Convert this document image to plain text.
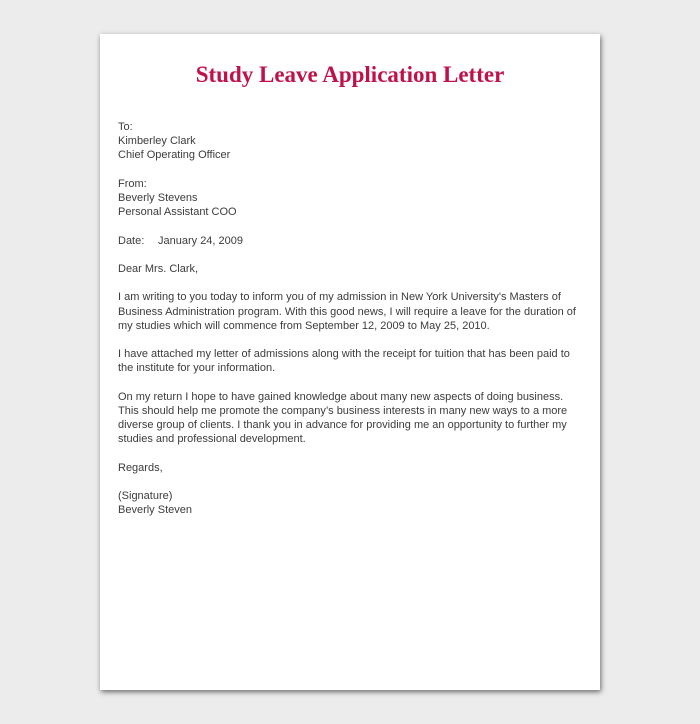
Study Leave Application Letter

To:
Kimberley Clark
Chief Operating Officer

From:
Beverly Stevens
Personal Assistant COO

Date: January 24, 2009

Dear Mrs. Clark,

I am writing to you today to inform you of my admission in New York University's Masters of Business Administration program. With this good news, I will require a leave for the duration of my studies which will commence from September 12, 2009 to May 25, 2010.

I have attached my letter of admissions along with the receipt for tuition that has been paid to the institute for your information.

On my return I hope to have gained knowledge about many new aspects of doing business. This should help me promote the company’s business interests in many new ways to a more diverse group of clients. I thank you in advance for providing me an opportunity to further my studies and professional development.

Regards,

(Signature)
Beverly Steven
